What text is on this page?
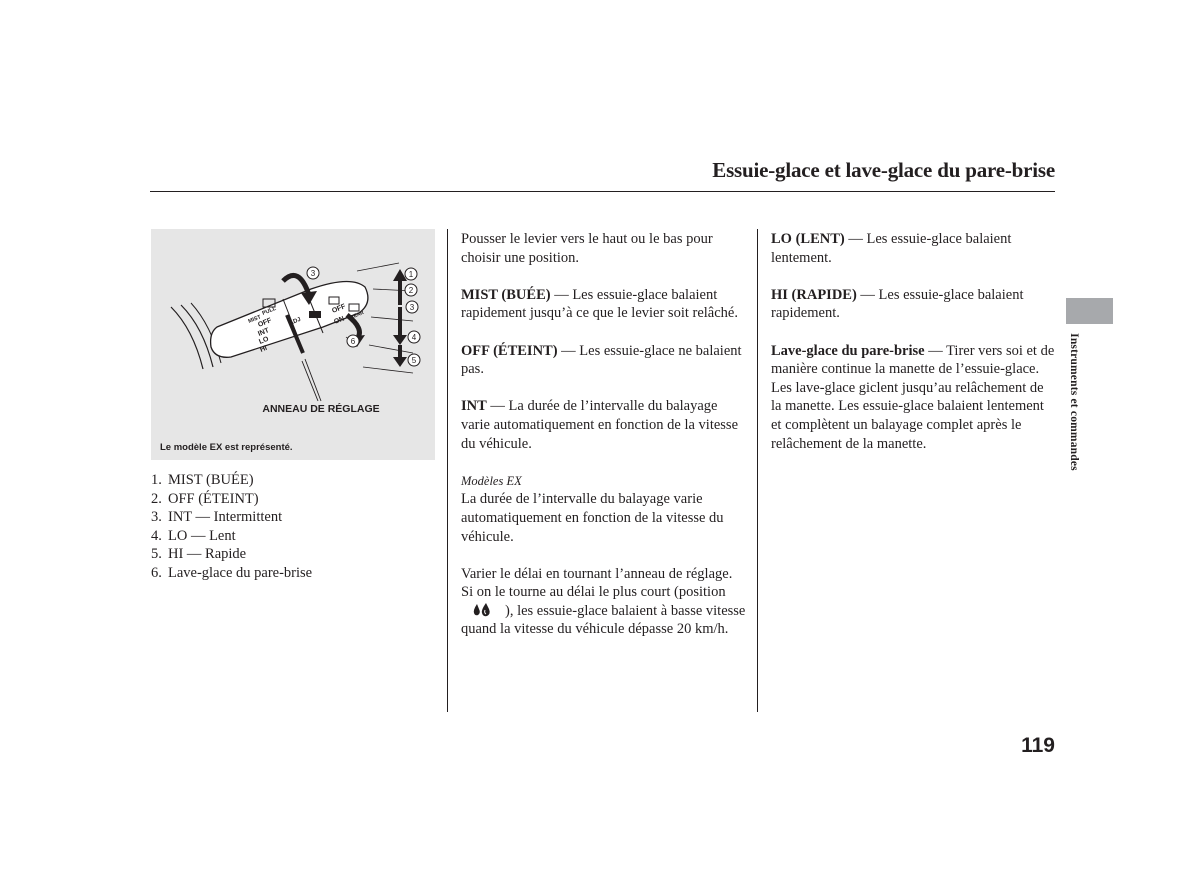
Essuie-glace et lave-glace du pare-brise
MIST
PULL
OFF
INT
LO
HI
ADJ
OFF
ON REAR
3	1
2
3
4
5
6
ANNEAU DE RÉGLAGE
Le modèle EX est représenté.
1. MIST (BUÉE)
2. OFF (ÉTEINT)
3. INT — Intermittent
4. LO — Lent
5. HI — Rapide
6. Lave-glace du pare-brise

Pousser le levier vers le haut ou le bas pour choisir une position.

MIST (BUÉE) — Les essuie-glace balaient rapidement jusqu’à ce que le levier soit relâché.

OFF (ÉTEINT) — Les essuie-glace ne balaient pas.

INT — La durée de l’intervalle du balayage varie automatiquement en fonction de la vitesse du véhicule.

Modèles EX

La durée de l’intervalle du balayage varie automatiquement en fonction de la vitesse du véhicule.

Varier le délai en tournant l’anneau de réglage. Si on le tourne au délai le plus court (position), les essuie-glace balaient à basse vitesse quand la vitesse du véhicule dépasse 20 km/h.

LO (LENT) — Les essuie-glace balaient lentement.

HI (RAPIDE) — Les essuie-glace balaient rapidement.

Lave-glace du pare-brise — Tirer vers soi et de manière continue la manette de l’essuie-glace. Les lave-glace giclent jusqu’au relâchement de la manette. Les essuie-glace balaient lentement et complètent un balayage complet après le relâchement de la manette.	Instruments et commandes
119
